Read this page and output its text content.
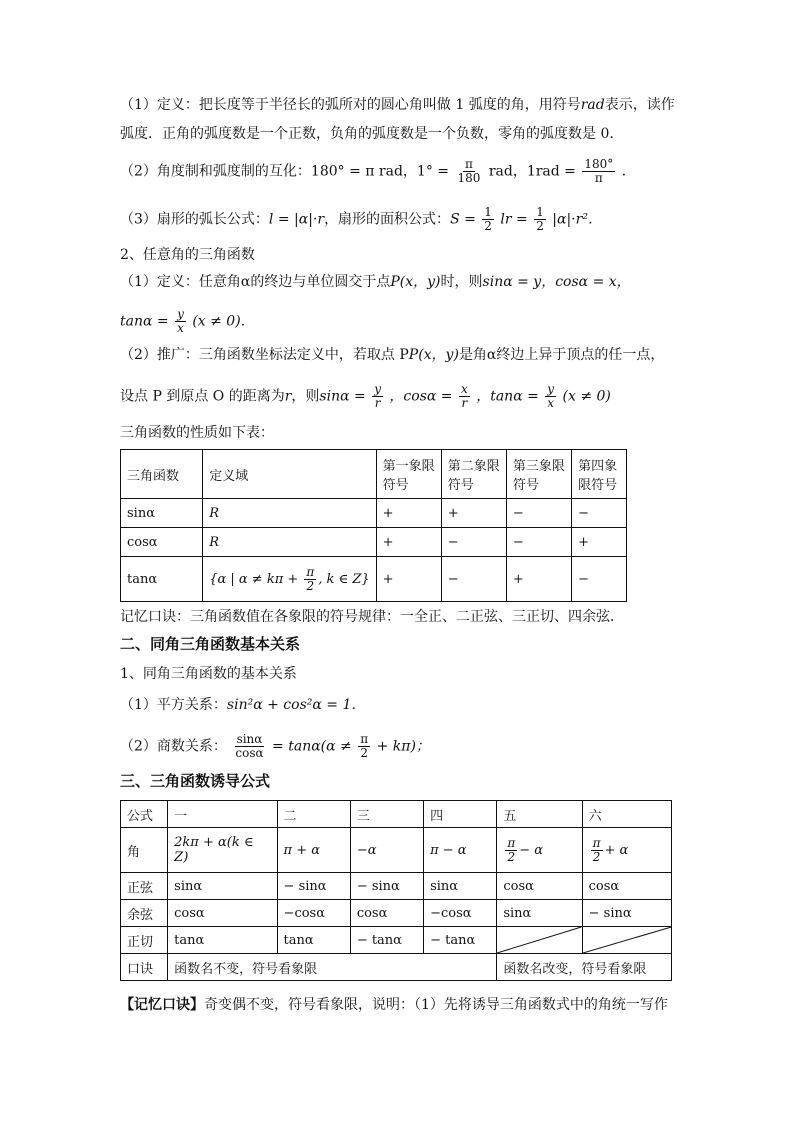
（1）定义：把长度等于半径长的弧所对的圆心角叫做 1 弧度的角，用符号rad表示，读作
弧度．正角的弧度数是一个正数，负角的弧度数是一个负数，零角的弧度数是 0．
（2）角度制和弧度制的互化：180° = π rad，$1^\circ = \frac{\pi}{180}$ rad，$1rad = \frac{180^\circ}{\pi}$ ．
（3）扇形的弧长公式：l = |α|·r，扇形的面积公式：$S = \frac{1}{2}$ lr = $\frac{1}{2} |\alpha|\cdot r^2$．
2、任意角的三角函数
（1）定义：任意角α的终边与单位圆交于点P(x，y)时，则sinα = y，cosα = x，
$\tan\alpha = \frac{y}{x} (x \ne 0)$．
（2）推广：三角函数坐标法定义中，若取点 PP(x，y)是角α终边上异于顶点的任一点，
设点 P 到原点 O 的距离为r，则$\sin\alpha = \frac{y}{r}$ ，$\cos\alpha = \frac{x}{r}$ ，$\tan\alpha = \frac{y}{x} (x \ne 0)$
三角函数的性质如下表：
三角函数	定义域	第一象限符号	第二象限符号	第三象限符号	第四象限符号
sinα	R	+	+	−	−
cosα	R	+	−	−	+
tanα	{α | $\alpha \ne k\pi + \frac{\pi}{2}$ , k ∈ Z}	+	−	+	−
记忆口诀：三角函数值在各象限的符号规律：一全正、二正弦、三正切、四余弦．
二、同角三角函数基本关系
1、同角三角函数的基本关系
（1）平方关系：sin²α + cos²α = 1．
（2）商数关系： $\frac{\sin\alpha}{\cos\alpha} = \tan\alpha(\alpha \ne \frac{\pi}{2} + k\pi)$；
三、三角函数诱导公式
公式	一	二	三	四	五	六
角	2kπ + α(k ∈ Z)	π + α	−α	π − α	$\frac{\pi}{2} - \alpha$	$\frac{\pi}{2} + \alpha$
正弦	sinα	− sinα	− sinα	sinα	cosα	cosα
余弦	cosα	−cosα	cosα	−cosα	sinα	− sinα
正切	tanα	tanα	− tanα	− tanα	

口诀	函数名不变，符号看象限				函数名改变，符号看象限	
【记忆口诀】奇变偶不变，符号看象限，说明：（1）先将诱导三角函数式中的角统一写作
